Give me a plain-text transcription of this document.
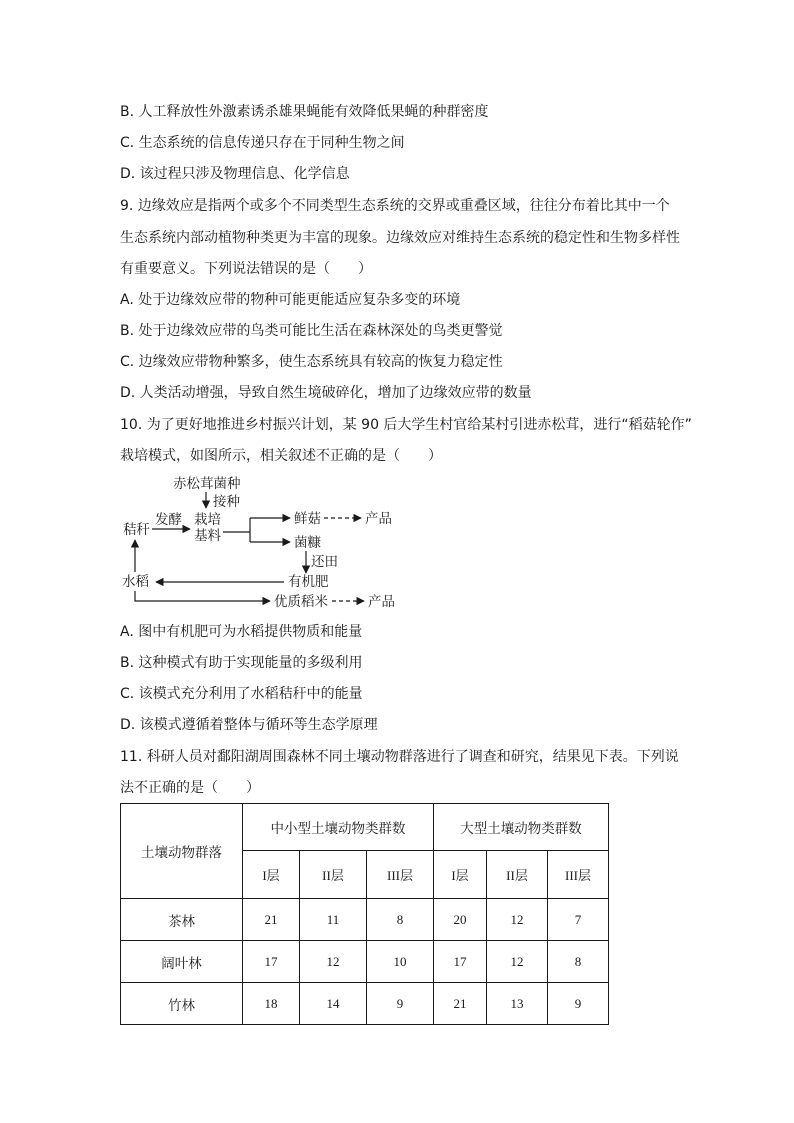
B. 人工释放性外激素诱杀雄果蝇能有效降低果蝇的种群密度
C. 生态系统的信息传递只存在于同种生物之间
D. 该过程只涉及物理信息、化学信息
9. 边缘效应是指两个或多个不同类型生态系统的交界或重叠区域，往往分布着比其中一个
生态系统内部动植物种类更为丰富的现象。边缘效应对维持生态系统的稳定性和生物多样性
有重要意义。下列说法错误的是（　　）
A. 处于边缘效应带的物种可能更能适应复杂多变的环境
B. 处于边缘效应带的鸟类可能比生活在森林深处的鸟类更警觉
C. 边缘效应带物种繁多，使生态系统具有较高的恢复力稳定性
D. 人类活动增强，导致自然生境破碎化，增加了边缘效应带的数量
10. 为了更好地推进乡村振兴计划，某 90 后大学生村官给某村引进赤松茸，进行“稻菇轮作”
栽培模式，如图所示，相关叙述不正确的是（　　）
赤松茸菌种
接种
发酵
秸秆
栽培
基料
鲜菇	产品
菌糠
还田
有机肥
水稻
优质稻米	产品
A. 图中有机肥可为水稻提供物质和能量
B. 这种模式有助于实现能量的多级利用
C. 该模式充分利用了水稻秸秆中的能量
D. 该模式遵循着整体与循环等生态学原理
11. 科研人员对鄱阳湖周围森林不同土壤动物群落进行了调查和研究，结果见下表。下列说
法不正确的是（　　）
土壤动物群落	中小型土壤动物类群数			大型土壤动物类群数		
	I层	II层	III层	I层	II层	III层
茶林	21	11	8	20	12	7
阔叶林	17	12	10	17	12	8
竹林	18	14	9	21	13	9
